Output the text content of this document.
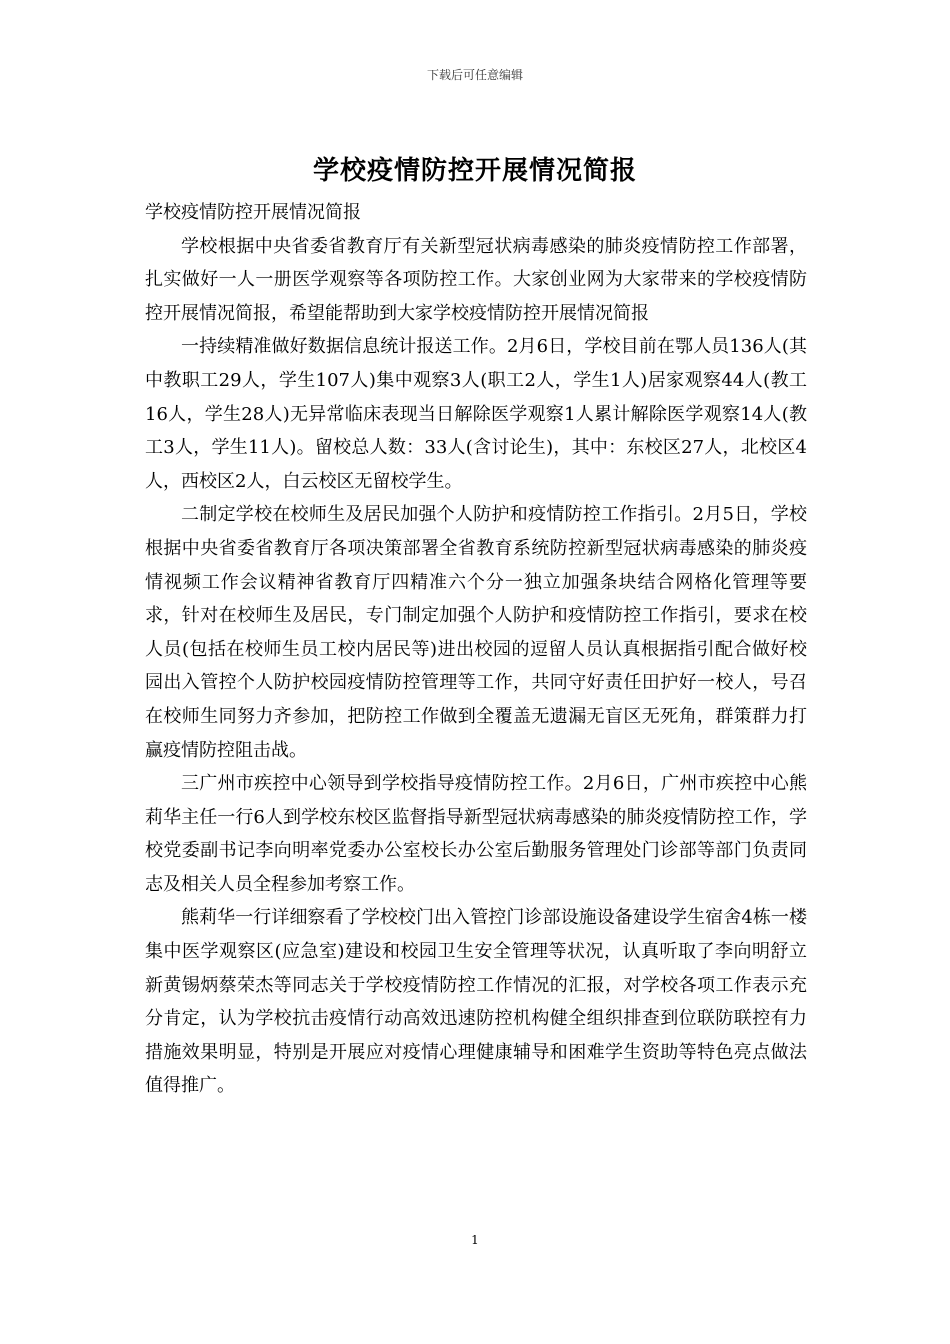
下载后可任意编辑
学校疫情防控开展情况简报

学校疫情防控开展情况简报

学校根据中央省委省教育厅有关新型冠状病毒感染的肺炎疫情防控工作部署，扎实做好一人一册医学观察等各项防控工作。大家创业网为大家带来的学校疫情防控开展情况简报，希望能帮助到大家学校疫情防控开展情况简报

一持续精准做好数据信息统计报送工作。2月6日，学校目前在鄂人员136人(其中教职工29人，学生107人)集中观察3人(职工2人，学生1人)居家观察44人(教工16人，学生28人)无异常临床表现当日解除医学观察1人累计解除医学观察14人(教工3人，学生11人)。留校总人数：33人(含讨论生)，其中：东校区27人，北校区4人，西校区2人，白云校区无留校学生。

二制定学校在校师生及居民加强个人防护和疫情防控工作指引。2月5日，学校根据中央省委省教育厅各项决策部署全省教育系统防控新型冠状病毒感染的肺炎疫情视频工作会议精神省教育厅四精准六个分一独立加强条块结合网格化管理等要求，针对在校师生及居民，专门制定加强个人防护和疫情防控工作指引，要求在校人员(包括在校师生员工校内居民等)进出校园的逗留人员认真根据指引配合做好校园出入管控个人防护校园疫情防控管理等工作，共同守好责任田护好一校人，号召在校师生同努力齐参加，把防控工作做到全覆盖无遗漏无盲区无死角，群策群力打赢疫情防控阻击战。

三广州市疾控中心领导到学校指导疫情防控工作。2月6日，广州市疾控中心熊莉华主任一行6人到学校东校区监督指导新型冠状病毒感染的肺炎疫情防控工作，学校党委副书记李向明率党委办公室校长办公室后勤服务管理处门诊部等部门负责同志及相关人员全程参加考察工作。

熊莉华一行详细察看了学校校门出入管控门诊部设施设备建设学生宿舍4栋一楼集中医学观察区(应急室)建设和校园卫生安全管理等状况，认真听取了李向明舒立新黄锡炳蔡荣杰等同志关于学校疫情防控工作情况的汇报，对学校各项工作表示充分肯定，认为学校抗击疫情行动高效迅速防控机构健全组织排查到位联防联控有力措施效果明显，特别是开展应对疫情心理健康辅导和困难学生资助等特色亮点做法值得推广。

1
